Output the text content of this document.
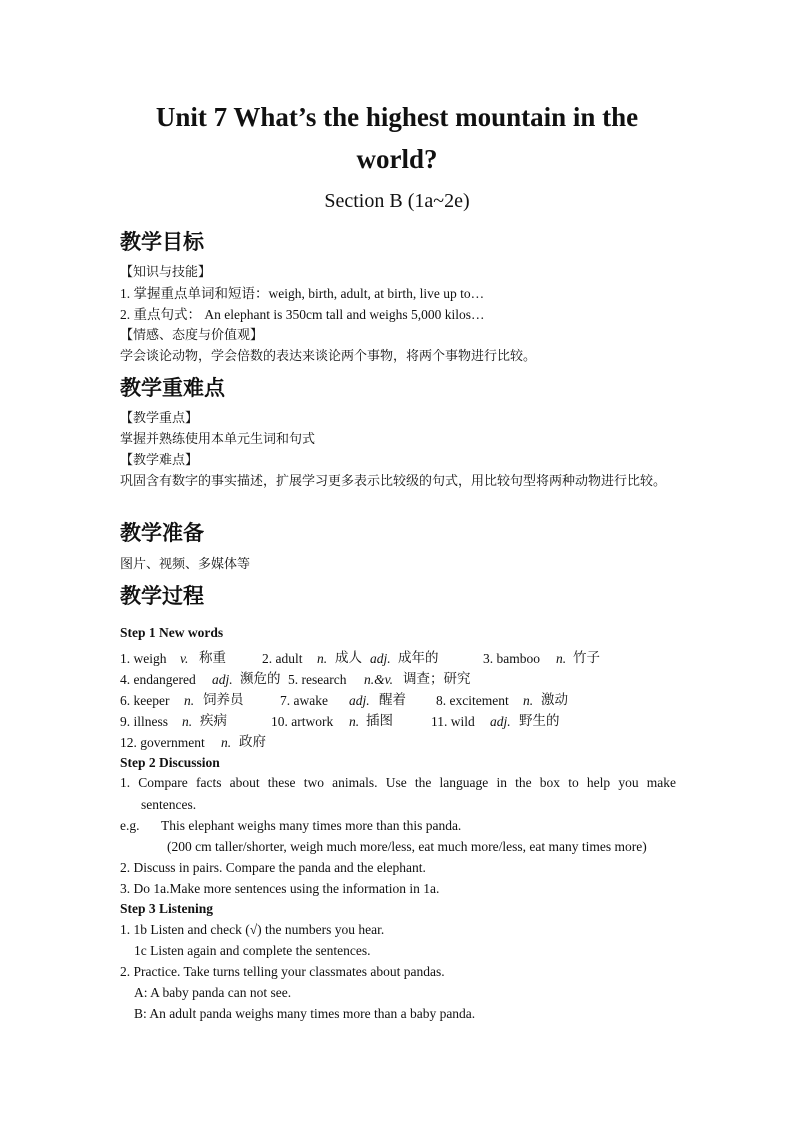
Unit 7 What’s the highest mountain in the
world?
Section B (1a~2e)
教学目标
【知识与技能】
1. 掌握重点单词和短语：weigh, birth, adult, at birth, live up to…
2. 重点句式： An elephant is 350cm tall and weighs 5,000 kilos…
【情感、态度与价值观】
学会谈论动物，学会倍数的表达来谈论两个事物，将两个事物进行比较。
教学重难点
【教学重点】
掌握并熟练使用本单元生词和句式
【教学难点】
巩固含有数字的事实描述，扩展学习更多表示比较级的句式，用比较句型将两种动物进行比较。
教学准备
图片、视频、多媒体等
教学过程
Step 1 New words
1. weigh v. 称重	2. adult n. 成人 adj. 成年的	3. bamboo n. 竹子
4. endangered adj. 濒危的 5. research n.&v. 调查；研究
6. keeper n. 饲养员	7. awake adj. 醒着 8. excitement n. 激动
9. illness n. 疾病	10. artwork n. 插图	11. wild adj. 野生的
12. government n. 政府
Step 2 Discussion
1. Compare facts about these two animals. Use the language in the box to help you make
sentences.
e.g. This elephant weighs many times more than this panda.
(200 cm taller/shorter, weigh much more/less, eat much more/less, eat many times more)
2. Discuss in pairs. Compare the panda and the elephant.
3. Do 1a.Make more sentences using the information in 1a.
Step 3 Listening
1. 1b Listen and check (√) the numbers you hear.
1c Listen again and complete the sentences.
2. Practice. Take turns telling your classmates about pandas.
A: A baby panda can not see.
B: An adult panda weighs many times more than a baby panda.
